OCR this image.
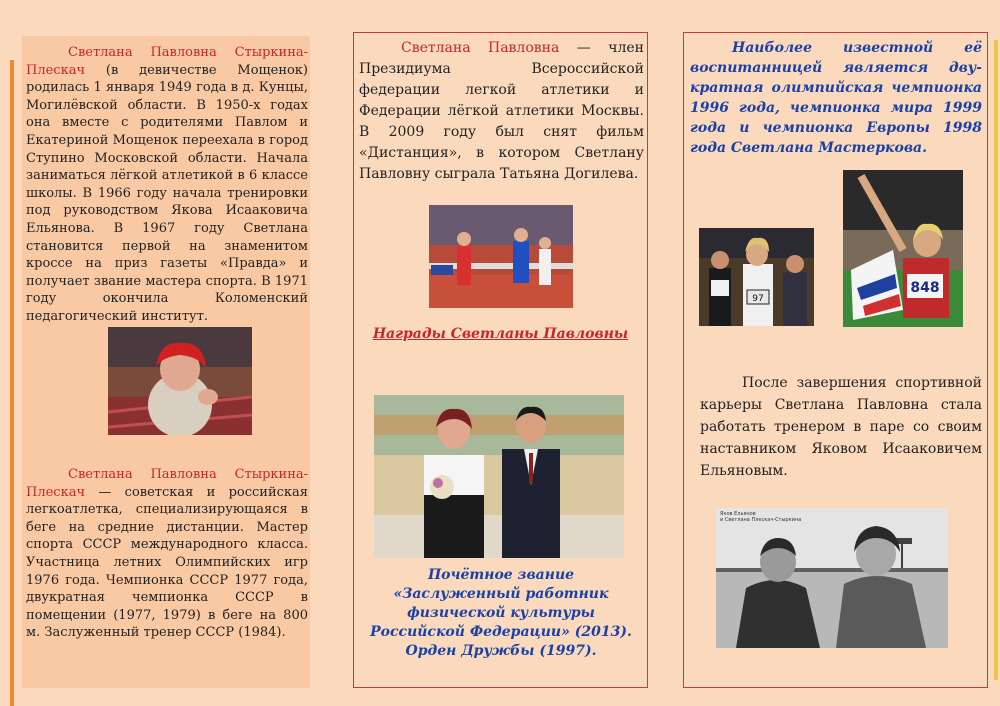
Светлана Павловна Стыркина-Плескач (в девичестве Мощенок) родилась 1 января 1949 года в д. Кунцы, Могилёвской области. В 1950-х годах она вместе с родителями Павлом и Екатериной Мощенок переехала в город Ступино Московской области. Начала заниматься лёгкой атлетикой в 6 классе школы. В 1966 году начала тренировки под руководством Якова Исааковича Ельянова. В 1967 году Светлана становится первой на знаменитом кроссе на приз газеты «Правда» и получает звание мастера спорта. В 1971 году окончила Коломенский педагогический институт.
Светлана Павловна Стыркина-Плескач — советская и российская легкоатлетка, специализирующаяся в беге на средние дистанции. Мастер спорта СССР международного класса. Участница летних Олимпийских игр 1976 года. Чемпионка СССР 1977 года, двукратная чемпионка СССР в помещении (1977, 1979) в беге на 800 м. Заслуженный тренер СССР (1984).
Светлана Павловна — член Президиума Всероссийской федерации легкой атлетики и Федерации лёгкой атлетики Москвы. В 2009 году был снят фильм «Дистанция», в котором Светлану Павловну сыграла Татьяна Догилева.
Награды Светланы Павловны
Почётное звание «Заслуженный работник физической культуры Российской Федерации» (2013). Орден Дружбы (1997).
Наиболее известной её воспитанницей является дву-кратная олимпийская чемпионка 1996 года, чемпионка мира 1999 года и чемпионка Европы 1998 года Светлана Мастеркова.
97
848
После завершения спортивной карьеры Светлана Павловна стала работать тренером в паре со своим наставником Яковом Исааковичем Ельяновым.
Яков Ельянов
и Светлана Плескач-Стыркина
